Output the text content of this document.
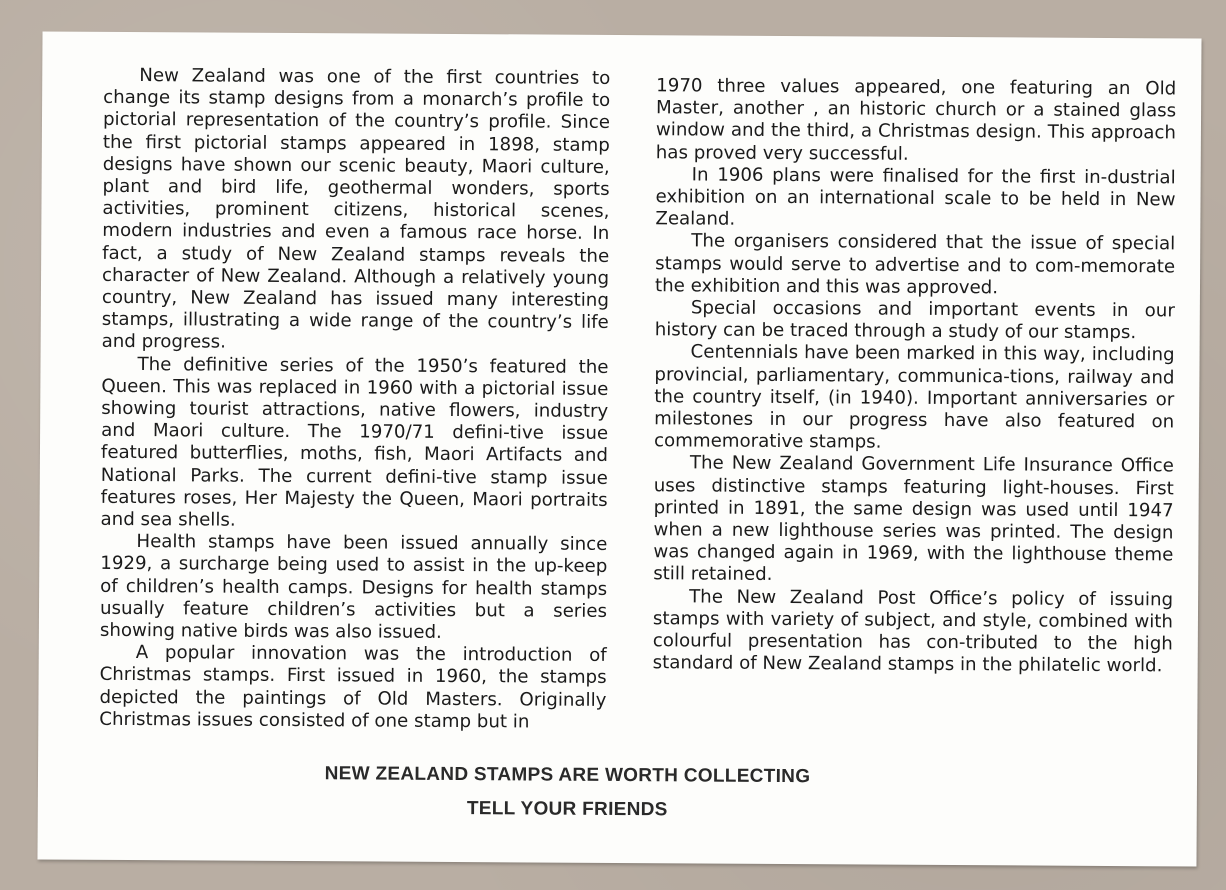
New Zealand was one of the first countries to change its stamp designs from a monarch’s profile to pictorial representation of the country’s profile. Since the first pictorial stamps appeared in 1898, stamp designs have shown our scenic beauty, Maori culture, plant and bird life, geothermal wonders, sports activities, prominent citizens, historical scenes, modern industries and even a famous race horse. In fact, a study of New Zealand stamps reveals the character of New Zealand. Although a relatively young country, New Zealand has issued many interesting stamps, illustrating a wide range of the country’s life and progress.

The definitive series of the 1950’s featured the Queen. This was replaced in 1960 with a pictorial issue showing tourist attractions, native flowers, industry and Maori culture. The 1970/71 defini-tive issue featured butterflies, moths, fish, Maori Artifacts and National Parks. The current defini-tive stamp issue features roses, Her Majesty the Queen, Maori portraits and sea shells.

Health stamps have been issued annually since 1929, a surcharge being used to assist in the up-keep of children’s health camps. Designs for health stamps usually feature children’s activities but a series showing native birds was also issued.

A popular innovation was the introduction of Christmas stamps. First issued in 1960, the stamps depicted the paintings of Old Masters. Originally Christmas issues consisted of one stamp but in

1970 three values appeared, one featuring an Old Master, another , an historic church or a stained glass window and the third, a Christmas design. This approach has proved very successful.

In 1906 plans were finalised for the first in-dustrial exhibition on an international scale to be held in New Zealand.

The organisers considered that the issue of special stamps would serve to advertise and to com-memorate the exhibition and this was approved.

Special occasions and important events in our history can be traced through a study of our stamps.

Centennials have been marked in this way, including provincial, parliamentary, communica-tions, railway and the country itself, (in 1940). Important anniversaries or milestones in our progress have also featured on commemorative stamps.

The New Zealand Government Life Insurance Office uses distinctive stamps featuring light-houses. First printed in 1891, the same design was used until 1947 when a new lighthouse series was printed. The design was changed again in 1969, with the lighthouse theme still retained.

The New Zealand Post Office’s policy of issuing stamps with variety of subject, and style, combined with colourful presentation has con-tributed to the high standard of New Zealand stamps in the philatelic world.

NEW ZEALAND STAMPS ARE WORTH COLLECTING
TELL YOUR FRIENDS
